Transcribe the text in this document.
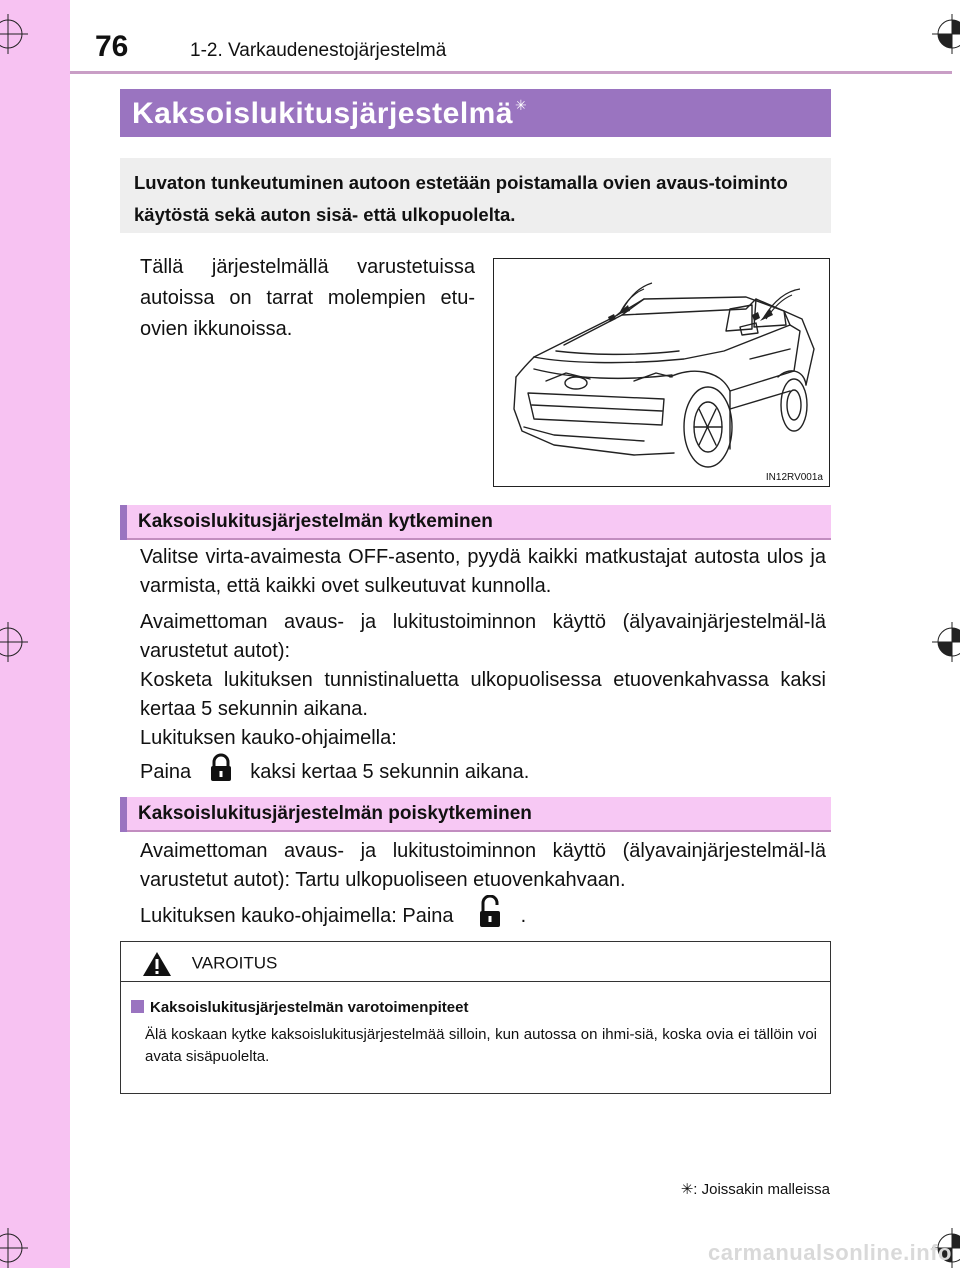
76	1-2. Varkaudenestojärjestelmä
Kaksoislukitusjärjestelmä ✳
Luvaton tunkeutuminen autoon estetään poistamalla ovien avaus-toiminto käytöstä sekä auton sisä- että ulkopuolelta.
Tällä järjestelmällä varustetuissa autoissa on tarrat molempien etu-ovien ikkunoissa.
IN12RV001a
Kaksoislukitusjärjestelmän kytkeminen

Valitse virta-avaimesta OFF-asento, pyydä kaikki matkustajat autosta ulos ja varmista, että kaikki ovet sulkeutuvat kunnolla.

Avaimettoman avaus- ja lukitustoiminnon käyttö (älyavainjärjestelmäl-lä varustetut autot):
Kosketa lukituksen tunnistinaluetta ulkopuolisessa etuovenkahvassa kaksi kertaa 5 sekunnin aikana.
Lukituksen kauko-ohjaimella:
Paina	kaksi kertaa 5 sekunnin aikana.
Kaksoislukitusjärjestelmän poiskytkeminen
Avaimettoman avaus- ja lukitustoiminnon käyttö (älyavainjärjestelmäl-lä varustetut autot): Tartu ulkopuoliseen etuovenkahvaan.
Lukituksen kauko-ohjaimella: Paina	.
VAROITUS
Kaksoislukitusjärjestelmän varotoimenpiteet
Älä koskaan kytke kaksoislukitusjärjestelmää silloin, kun autossa on ihmi-siä, koska ovia ei tällöin voi avata sisäpuolelta.
✳: Joissakin malleissa
carmanualsonline.info
